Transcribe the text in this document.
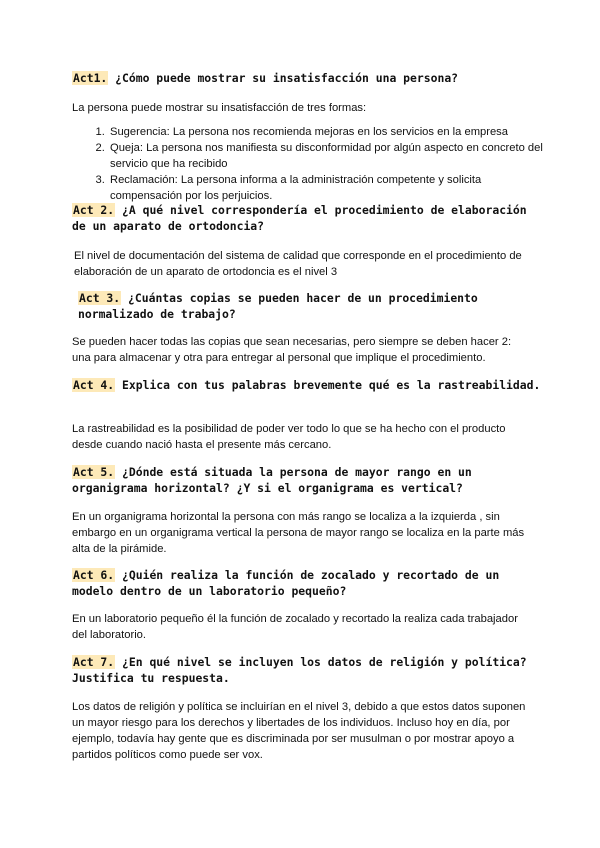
Act1. ¿Cómo puede mostrar su insatisfacción una persona?
La persona puede mostrar su insatisfacción de tres formas:
1. Sugerencia: La persona nos recomienda mejoras en los servicios en la empresa
2. Queja: La persona nos manifiesta su disconformidad por algún aspecto en concreto del servicio que ha recibido
3. Reclamación: La persona informa a la administración competente y solicita compensación por los perjuicios.
Act 2. ¿A qué nivel correspondería el procedimiento de elaboración de un aparato de ortodoncia?
El nivel de documentación del sistema de calidad que corresponde en el procedimiento de elaboración de un aparato de ortodoncia es el nivel 3
Act 3. ¿Cuántas copias se pueden hacer de un procedimiento normalizado de trabajo?
Se pueden hacer todas las copias que sean necesarias, pero siempre se deben hacer 2: una para almacenar y otra para entregar al personal que implique el procedimiento.
Act 4. Explica con tus palabras brevemente qué es la rastreabilidad.
La rastreabilidad es la posibilidad de poder ver todo lo que se ha hecho con el producto desde cuando nació hasta el presente más cercano.
Act 5. ¿Dónde está situada la persona de mayor rango en un organigrama horizontal? ¿Y si el organigrama es vertical?
En un organigrama horizontal la persona con más rango se localiza a la izquierda , sin embargo en un organigrama vertical la persona de mayor rango se localiza en la parte más alta de la pirámide.
Act 6. ¿Quién realiza la función de zocalado y recortado de un modelo dentro de un laboratorio pequeño?
En un laboratorio pequeño él la función de zocalado y recortado la realiza cada trabajador del laboratorio.
Act 7. ¿En qué nivel se incluyen los datos de religión y política? Justifica tu respuesta.
Los datos de religión y política se incluirían en el nivel 3, debido a que estos datos suponen un mayor riesgo para los derechos y libertades de los individuos. Incluso hoy en día, por ejemplo, todavía hay gente que es discriminada por ser musulman o por mostrar apoyo a partidos políticos como puede ser vox.
